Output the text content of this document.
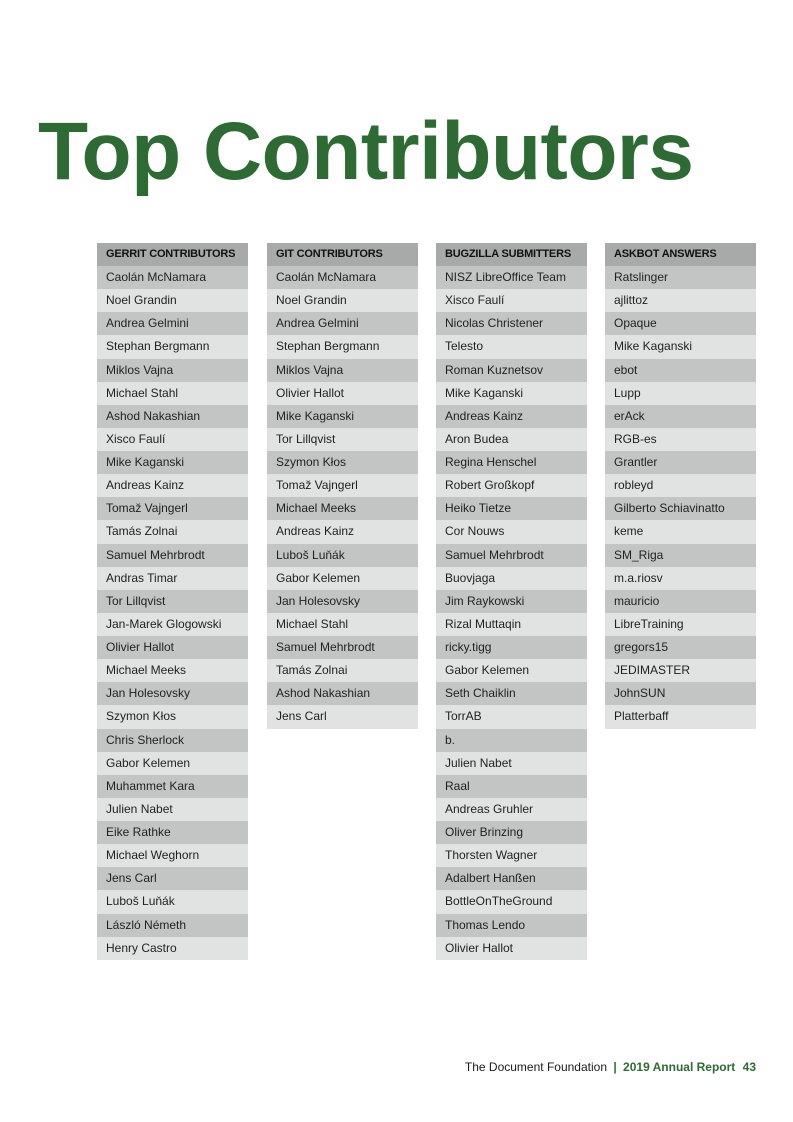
Top Contributors
GERRIT CONTRIBUTORS
Caolán McNamara
Noel Grandin
Andrea Gelmini
Stephan Bergmann
Miklos Vajna
Michael Stahl
Ashod Nakashian
Xisco Faulí
Mike Kaganski
Andreas Kainz
Tomaž Vajngerl
Tamás Zolnai
Samuel Mehrbrodt
Andras Timar
Tor Lillqvist
Jan-Marek Glogowski
Olivier Hallot
Michael Meeks
Jan Holesovsky
Szymon Kłos
Chris Sherlock
Gabor Kelemen
Muhammet Kara
Julien Nabet
Eike Rathke
Michael Weghorn
Jens Carl
Luboš Luňák
László Németh
Henry Castro
GIT CONTRIBUTORS
Caolán McNamara
Noel Grandin
Andrea Gelmini
Stephan Bergmann
Miklos Vajna
Olivier Hallot
Mike Kaganski
Tor Lillqvist
Szymon Kłos
Tomaž Vajngerl
Michael Meeks
Andreas Kainz
Luboš Luňák
Gabor Kelemen
Jan Holesovsky
Michael Stahl
Samuel Mehrbrodt
Tamás Zolnai
Ashod Nakashian
Jens Carl
BUGZILLA SUBMITTERS
NISZ LibreOffice Team
Xisco Faulí
Nicolas Christener
Telesto
Roman Kuznetsov
Mike Kaganski
Andreas Kainz
Aron Budea
Regina Henschel
Robert Großkopf
Heiko Tietze
Cor Nouws
Samuel Mehrbrodt
Buovjaga
Jim Raykowski
Rizal Muttaqin
ricky.tigg
Gabor Kelemen
Seth Chaiklin
TorrAB
b.
Julien Nabet
Raal
Andreas Gruhler
Oliver Brinzing
Thorsten Wagner
Adalbert Hanßen
BottleOnTheGround
Thomas Lendo
Olivier Hallot
ASKBOT ANSWERS
Ratslinger
ajlittoz
Opaque
Mike Kaganski
ebot
Lupp
erAck
RGB-es
Grantler
robleyd
Gilberto Schiavinatto
keme
SM_Riga
m.a.riosv
mauricio
LibreTraining
gregors15
JEDIMASTER
JohnSUN
Platterbaff
The Document Foundation | 2019 Annual Report 43
